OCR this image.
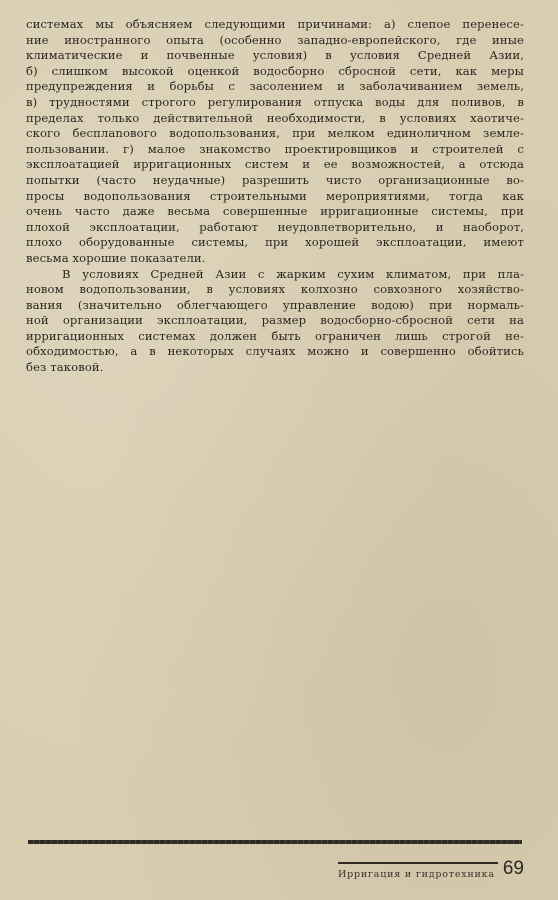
системах мы объясняем следующими причинами: а) слепое перенесе-
ние иностранного опыта (особенно западно-европейского, где иные
климатические и почвенные условия) в условия Средней Азии,
б) слишком высокой оценкой водосборно сбросной сети, как меры
предупреждения и борьбы с засолением и заболачиванием земель,
в) трудностями строгого регулирования отпуска воды для поливов, в
пределах только действительной необходимости, в условиях хаотиче-
ского бесплanового водопользования, при мелком единоличном земле-
пользовании. г) малое знакомство проектировщиков и строителей с
эксплоатацией ирригационных систем и ее возможностей, а отсюда
попытки (часто неудачные) разрешить чисто организационные во-
просы водопользования строительными мероприятиями, тогда как
очень часто даже весьма совершенные ирригационные системы, при
плохой эксплоатации, работают неудовлетворительно, и наоборот,
плохо оборудованные системы, при хорошей эксплоатации, имеют
весьма хорошие показатели.
В условиях Средней Азии с жарким сухим климатом, при пла-
новом водопользовании, в условиях колхозно совхозного хозяйство-
вания (значительно облегчающего управление водою) при нормаль-
ной организации эксплоатации, размер водосборно-сбросной сети на
ирригационных системах должен быть ограничен лишь строгой не-
обходимостью, а в некоторых случаях можно и совершенно обойтись
без таковой.
Ирригация и гидротехника 69
